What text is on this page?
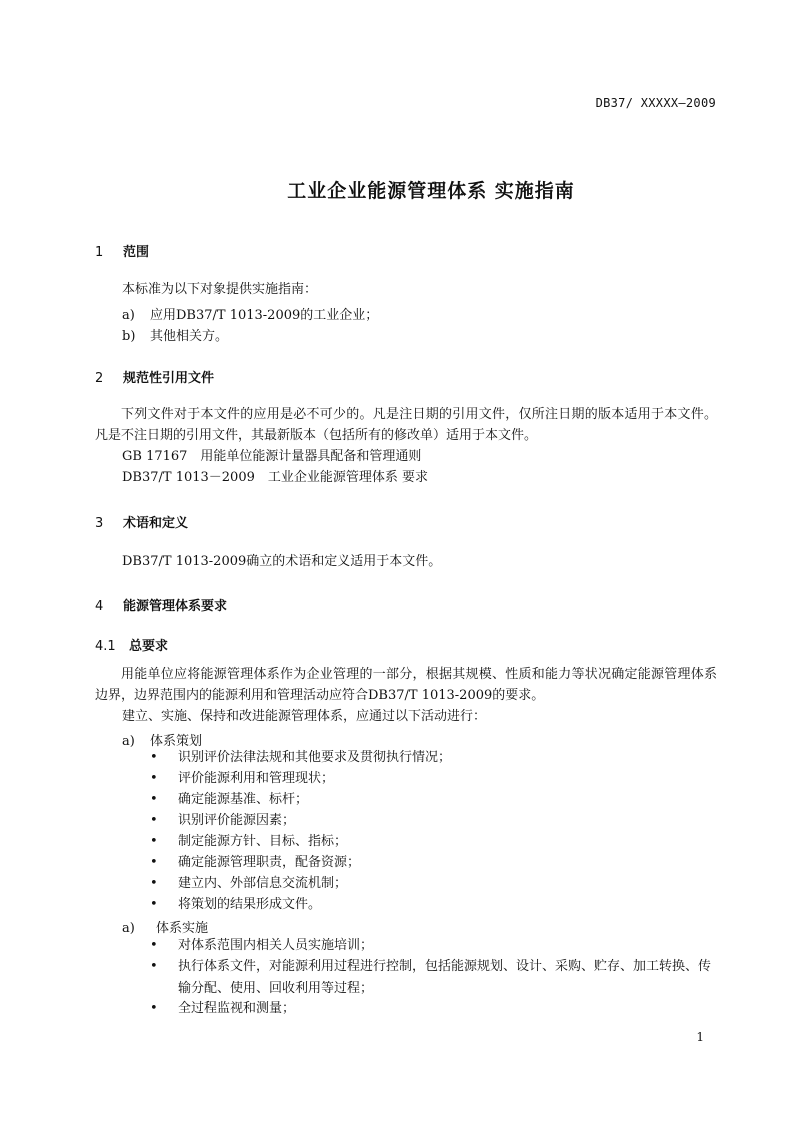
DB37/ XXXXX—2009
工业企业能源管理体系 实施指南
1 范围
本标准为以下对象提供实施指南：
a) 应用DB37/T 1013-2009的工业企业；
b) 其他相关方。
2 规范性引用文件
下列文件对于本文件的应用是必不可少的。凡是注日期的引用文件，仅所注日期的版本适用于本文件。凡是不注日期的引用文件，其最新版本（包括所有的修改单）适用于本文件。
GB 17167　用能单位能源计量器具配备和管理通则
DB37/T 1013－2009　工业企业能源管理体系 要求
3 术语和定义
DB37/T 1013-2009确立的术语和定义适用于本文件。
4 能源管理体系要求
4.1 总要求
用能单位应将能源管理体系作为企业管理的一部分，根据其规模、性质和能力等状况确定能源管理体系边界，边界范围内的能源利用和管理活动应符合DB37/T 1013-2009的要求。
建立、实施、保持和改进能源管理体系，应通过以下活动进行：
a) 体系策划
• 识别评价法律法规和其他要求及贯彻执行情况；
• 评价能源利用和管理现状；
• 确定能源基准、标杆；
• 识别评价能源因素；
• 制定能源方针、目标、指标；
• 确定能源管理职责，配备资源；
• 建立内、外部信息交流机制；
• 将策划的结果形成文件。
a) 体系实施
• 对体系范围内相关人员实施培训；
• 执行体系文件，对能源利用过程进行控制，包括能源规划、设计、采购、贮存、加工转换、传输分配、使用、回收利用等过程；
• 全过程监视和测量；
1
